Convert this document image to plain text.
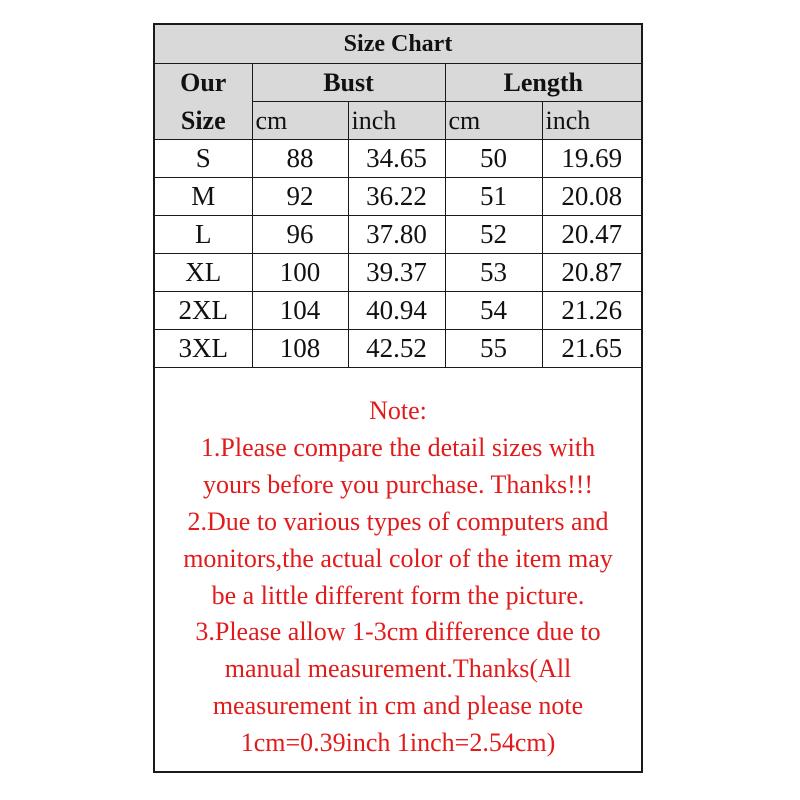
Size Chart				
Our
Size	Bust		Length	
	cm	inch	cm	inch
S	88	34.65	50	19.69
M	92	36.22	51	20.08
L	96	37.80	52	20.47
XL	100	39.37	53	20.87
2XL	104	40.94	54	21.26
3XL	108	42.52	55	21.65
Note:
1.Please compare the detail sizes with
yours before you purchase. Thanks!!!
2.Due to various types of computers and
monitors,the actual color of the item may
be a little different form the picture.
3.Please allow 1-3cm difference due to
manual measurement.Thanks(All
measurement in cm and please note
1cm=0.39inch 1inch=2.54cm)
